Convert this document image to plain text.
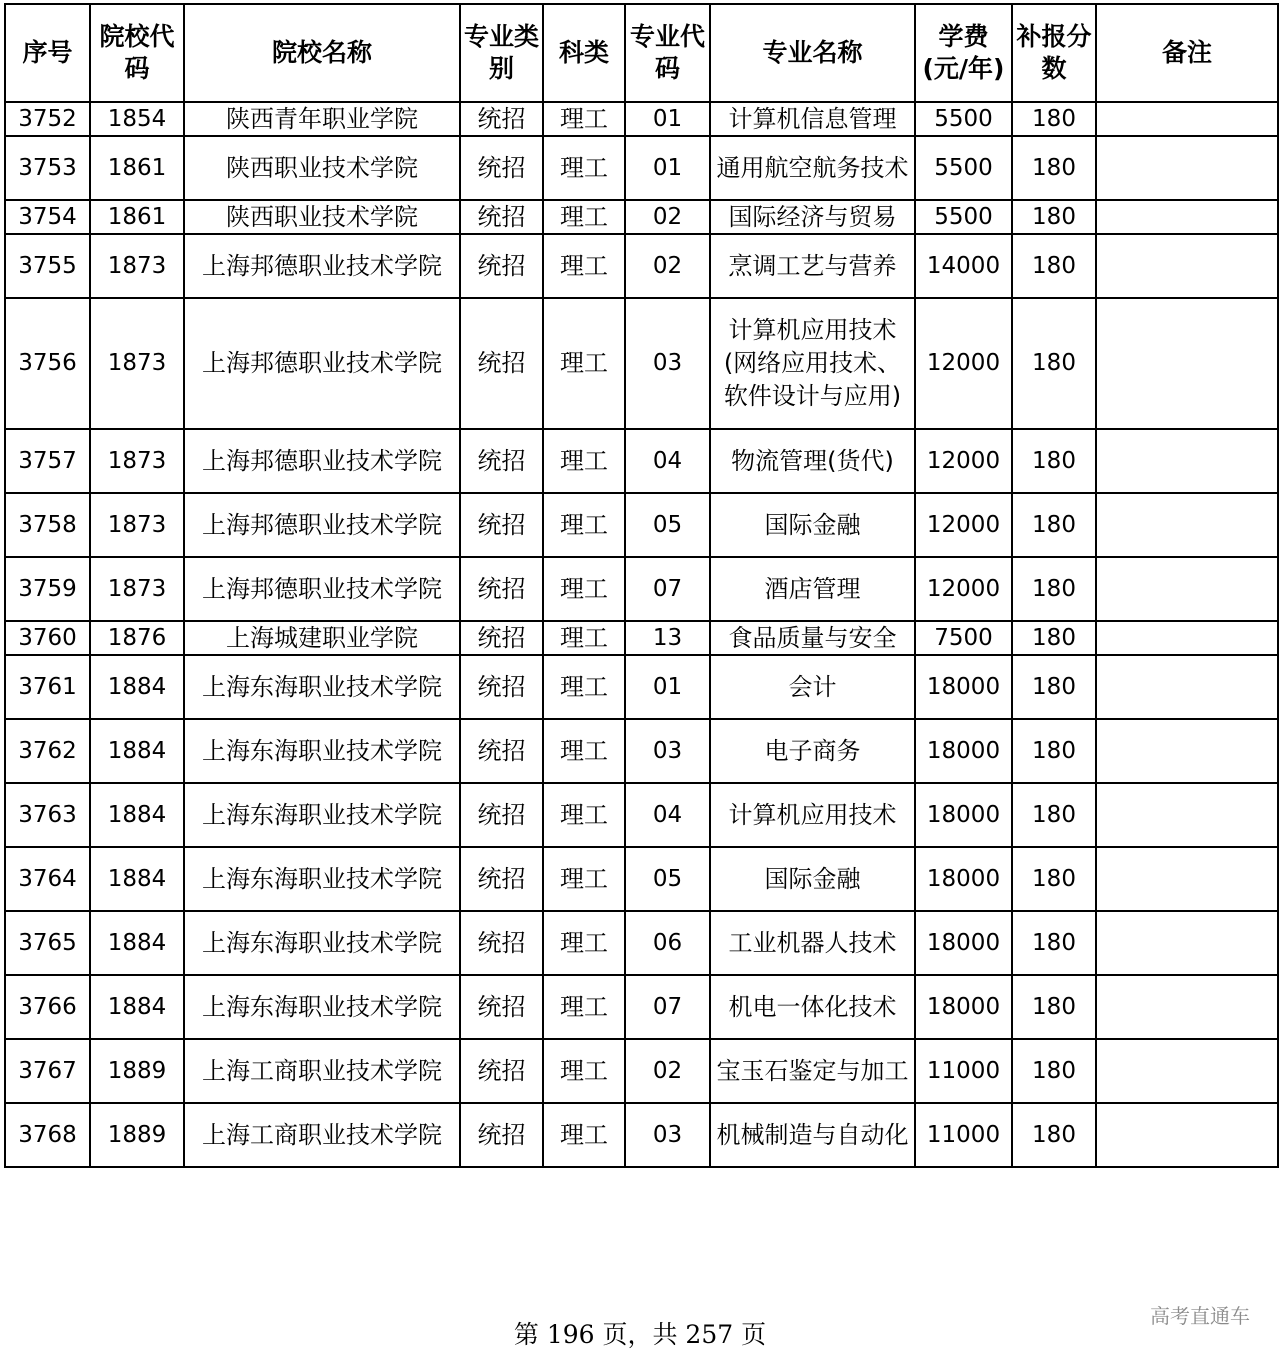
序号	院校代码	院校名称	专业类别	科类	专业代码	专业名称	学费(元/年)	补报分数	备注
3752	1854	陕西青年职业学院	统招	理工	01	计算机信息管理	5500	180	
3753	1861	陕西职业技术学院	统招	理工	01	通用航空航务技术	5500	180	
3754	1861	陕西职业技术学院	统招	理工	02	国际经济与贸易	5500	180	
3755	1873	上海邦德职业技术学院	统招	理工	02	烹调工艺与营养	14000	180	
3756	1873	上海邦德职业技术学院	统招	理工	03	计算机应用技术(网络应用技术、软件设计与应用)	12000	180	
3757	1873	上海邦德职业技术学院	统招	理工	04	物流管理(货代)	12000	180	
3758	1873	上海邦德职业技术学院	统招	理工	05	国际金融	12000	180	
3759	1873	上海邦德职业技术学院	统招	理工	07	酒店管理	12000	180	
3760	1876	上海城建职业学院	统招	理工	13	食品质量与安全	7500	180	
3761	1884	上海东海职业技术学院	统招	理工	01	会计	18000	180	
3762	1884	上海东海职业技术学院	统招	理工	03	电子商务	18000	180	
3763	1884	上海东海职业技术学院	统招	理工	04	计算机应用技术	18000	180	
3764	1884	上海东海职业技术学院	统招	理工	05	国际金融	18000	180	
3765	1884	上海东海职业技术学院	统招	理工	06	工业机器人技术	18000	180	
3766	1884	上海东海职业技术学院	统招	理工	07	机电一体化技术	18000	180	
3767	1889	上海工商职业技术学院	统招	理工	02	宝玉石鉴定与加工	11000	180	
3768	1889	上海工商职业技术学院	统招	理工	03	机械制造与自动化	11000	180	
第 196 页，共 257 页
高考直通车
